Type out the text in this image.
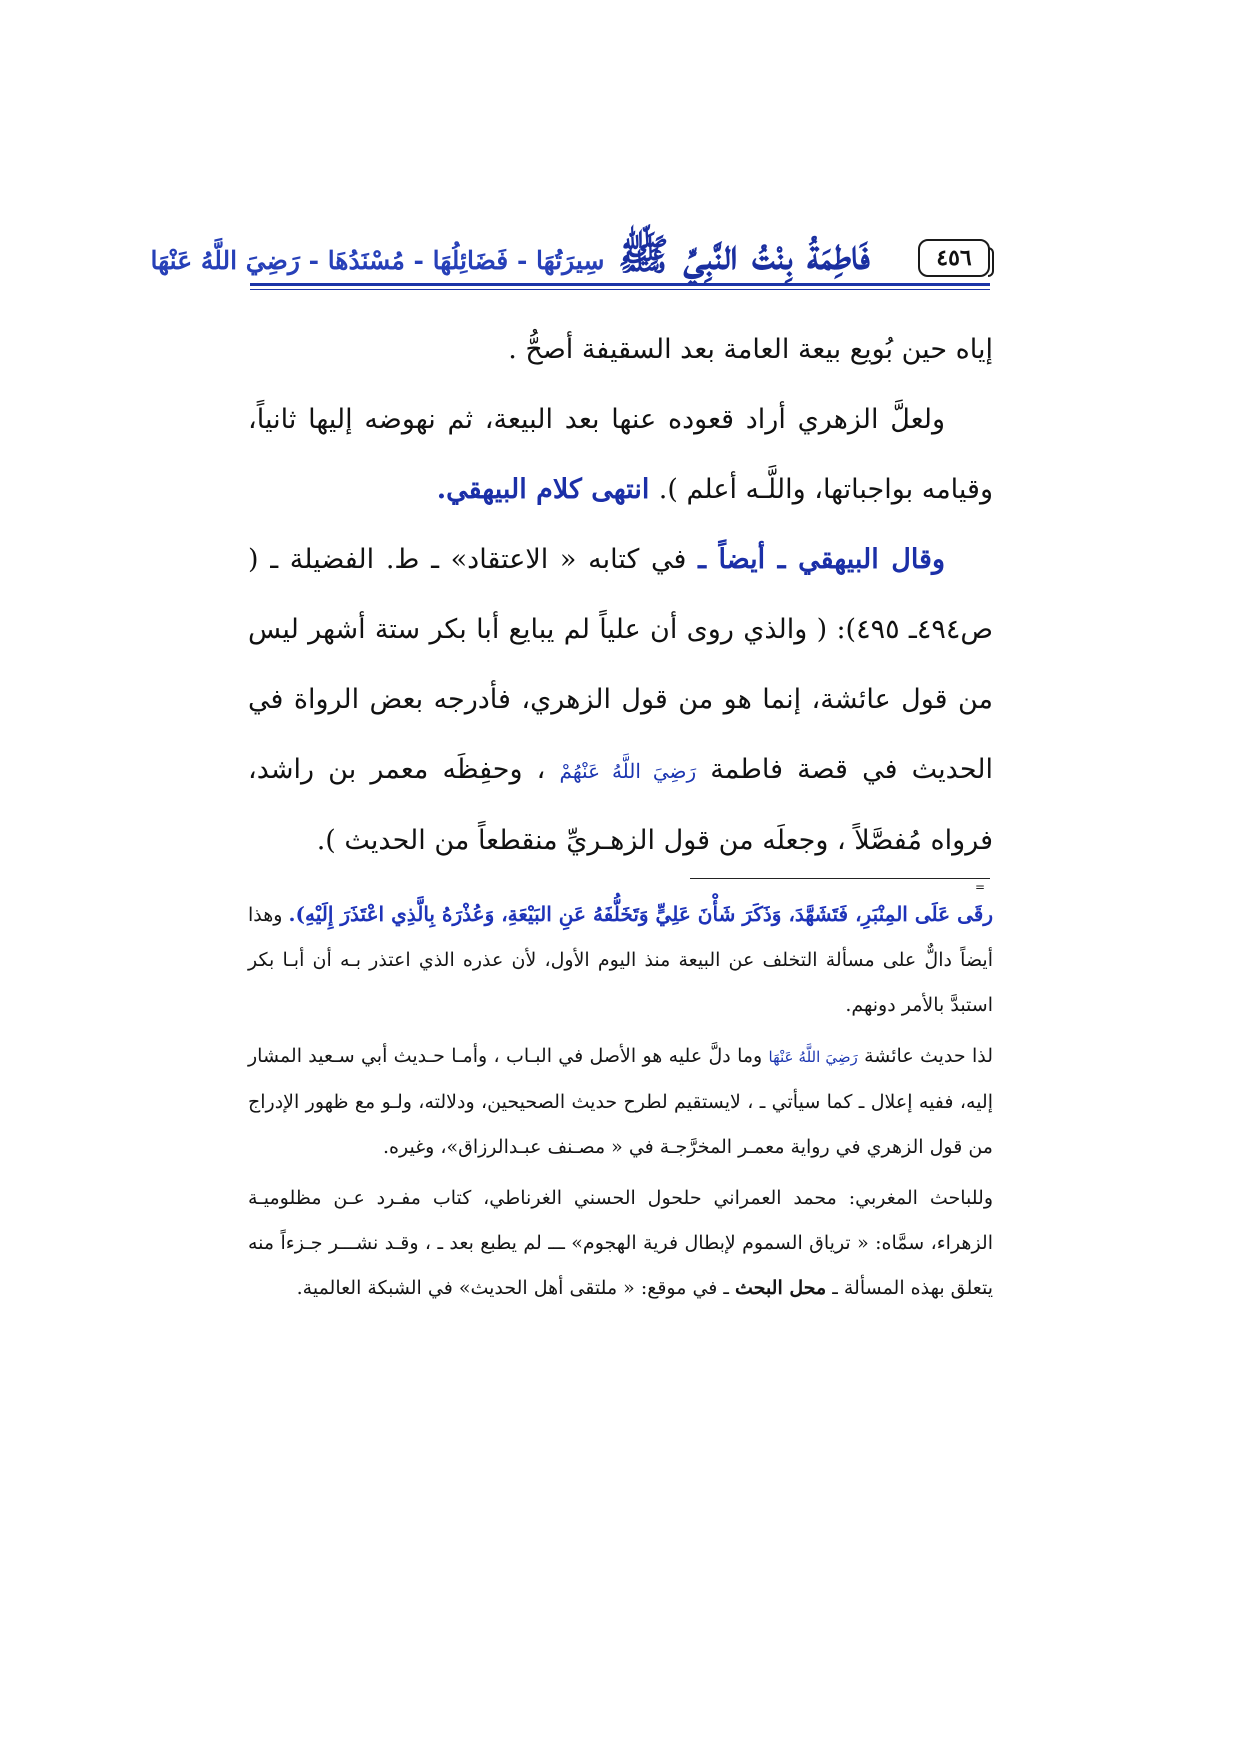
٤٥٦
فَاطِمَةُ بِنْتُ النَّبِيِّ ﷺ سِيرَتُهَا - فَضَائِلُهَا - مُسْنَدُهَا - رَضِيَ اللَّهُ عَنْهَا

إياه حين بُويع بيعة العامة بعد السقيفة أصحُّ .

ولعلَّ الزهري أراد قعوده عنها بعد البيعة، ثم نهوضه إليها ثانياً، وقيامه بواجباتها، واللَّـه أعلم ). انتهى كلام البيهقي.

وقال البيهقي ـ أيضاً ـ في كتابه « الاعتقاد» ـ ط. الفضيلة ـ ( ص٤٩٤ـ ٤٩٥): ( والذي روى أن علياً لم يبايع أبا بكر ستة أشهر ليس من قول عائشة، إنما هو من قول الزهري، فأدرجه بعض الرواة في الحديث في قصة فاطمة رَضِيَ اللَّهُ عَنْهُمْ ، وحفِظَه معمر بن راشد، فرواه مُفصَّلاً ، وجعلَه من قول الزهـريِّ منقطعاً من الحديث ).

=

رقَى عَلَى المِنْبَرِ، فَتَشَهَّدَ، وَذَكَرَ شَأْنَ عَلِيٍّ وَتَخَلُّفَهُ عَنِ البَيْعَةِ، وَعُذْرَهُ بِالَّذِي اعْتَذَرَ إِلَيْهِ). وهذا أيضاً دالٌّ على مسألة التخلف عن البيعة منذ اليوم الأول، لأن عذره الذي اعتذر بـه أن أبـا بكر استبدَّ بالأمر دونهم.

لذا حديث عائشة رَضِيَ اللَّهُ عَنْهَا وما دلَّ عليه هو الأصل في البـاب ، وأمـا حـديث أبي سـعيد المشار إليه، ففيه إعلال ـ كما سيأتي ـ ، لايستقيم لطرح حديث الصحيحين، ودلالته، ولـو مع ظهور الإدراج من قول الزهري في رواية معمـر المخرَّجـة في « مصـنف عبـدالرزاق»، وغيره.

وللباحث المغربي: محمد العمراني حلحول الحسني الغرناطي، كتاب مفـرد عـن مظلوميـة الزهراء، سمَّاه: « ترياق السموم لإبطال فرية الهجوم» ـــ لم يطبع بعد ـ ، وقـد نشـــر جـزءاً منه يتعلق بهذه المسألة ـ محل البحث ـ في موقع: « ملتقى أهل الحديث» في الشبكة العالمية.
